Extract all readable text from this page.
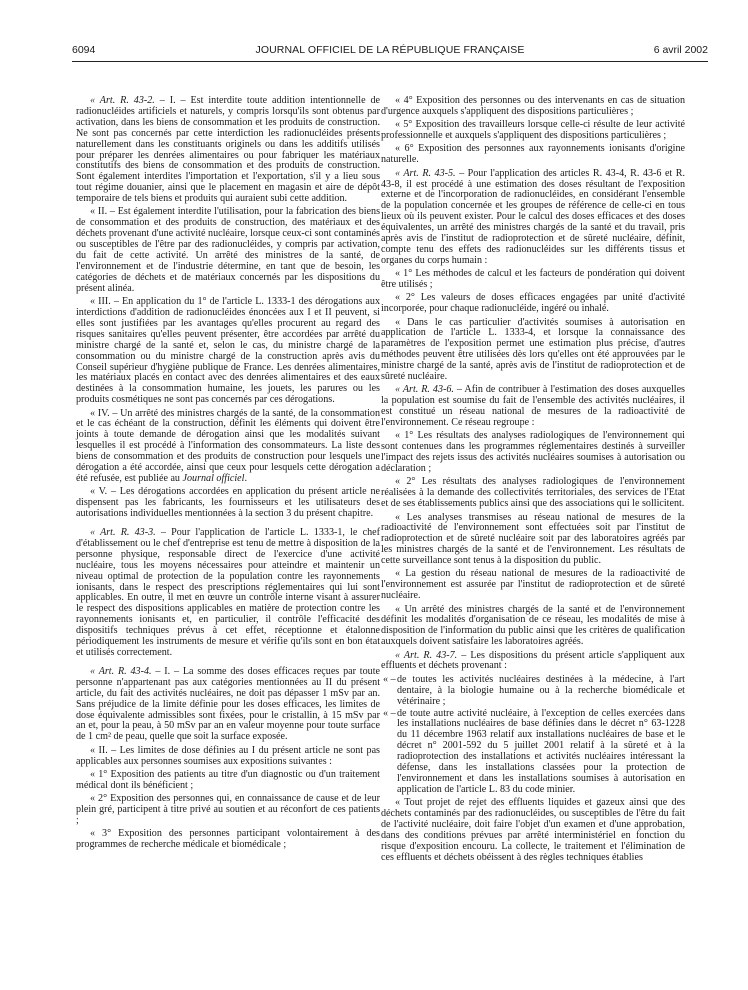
6094	JOURNAL OFFICIEL DE LA RÉPUBLIQUE FRANÇAISE	6 avril 2002

« Art. R. 43-2. – I. – Est interdite toute addition intentionnelle de radionucléides artificiels et naturels, y compris lorsqu'ils sont obtenus par activation, dans les biens de consommation et les produits de construction. Ne sont pas concernés par cette interdiction les radionucléides présents naturellement dans les constituants originels ou dans les additifs utilisés pour préparer les denrées alimentaires ou pour fabriquer les matériaux constitutifs des biens de consommation et des produits de construction. Sont également interdites l'importation et l'exportation, s'il y a lieu sous tout régime douanier, ainsi que le placement en magasin et aire de dépôt temporaire de tels biens et produits qui auraient subi cette addition.

« II. – Est également interdite l'utilisation, pour la fabrication des biens de consommation et des produits de construction, des matériaux et des déchets provenant d'une activité nucléaire, lorsque ceux-ci sont contaminés ou susceptibles de l'être par des radionucléides, y compris par activation, du fait de cette activité. Un arrêté des ministres de la santé, de l'environnement et de l'industrie détermine, en tant que de besoin, les catégories de déchets et de matériaux concernés par les dispositions du présent alinéa.

« III. – En application du 1° de l'article L. 1333-1 des dérogations aux interdictions d'addition de radionucléides énoncées aux I et II peuvent, si elles sont justifiées par les avantages qu'elles procurent au regard des risques sanitaires qu'elles peuvent présenter, être accordées par arrêté du ministre chargé de la santé et, selon le cas, du ministre chargé de la consommation ou du ministre chargé de la construction après avis du Conseil supérieur d'hygiène publique de France. Les denrées alimentaires, les matériaux placés en contact avec des denrées alimentaires et des eaux destinées à la consommation humaine, les jouets, les parures ou les produits cosmétiques ne sont pas concernés par ces dérogations.

« IV. – Un arrêté des ministres chargés de la santé, de la consommation et le cas échéant de la construction, définit les éléments qui doivent être joints à toute demande de dérogation ainsi que les modalités suivant lesquelles il est procédé à l'information des consommateurs. La liste des biens de consommation et des produits de construction pour lesquels une dérogation a été accordée, ainsi que ceux pour lesquels cette dérogation a été refusée, est publiée au Journal officiel.

« V. – Les dérogations accordées en application du présent article ne dispensent pas les fabricants, les fournisseurs et les utilisateurs des autorisations individuelles mentionnées à la section 3 du présent chapitre.

« Art. R. 43-3. – Pour l'application de l'article L. 1333-1, le chef d'établissement ou le chef d'entreprise est tenu de mettre à disposition de la personne physique, responsable direct de l'exercice d'une activité nucléaire, tous les moyens nécessaires pour atteindre et maintenir un niveau optimal de protection de la population contre les rayonnements ionisants, dans le respect des prescriptions réglementaires qui lui sont applicables. En outre, il met en œuvre un contrôle interne visant à assurer le respect des dispositions applicables en matière de protection contre les rayonnements ionisants et, en particulier, il contrôle l'efficacité des dispositifs techniques prévus à cet effet, réceptionne et étalonne périodiquement les instruments de mesure et vérifie qu'ils sont en bon état et utilisés correctement.

« Art. R. 43-4. – I. – La somme des doses efficaces reçues par toute personne n'appartenant pas aux catégories mentionnées au II du présent article, du fait des activités nucléaires, ne doit pas dépasser 1 mSv par an. Sans préjudice de la limite définie pour les doses efficaces, les limites de dose équivalente admissibles sont fixées, pour le cristallin, à 15 mSv par an et, pour la peau, à 50 mSv par an en valeur moyenne pour toute surface de 1 cm² de peau, quelle que soit la surface exposée.

« II. – Les limites de dose définies au I du présent article ne sont pas applicables aux personnes soumises aux expositions suivantes :

« 1° Exposition des patients au titre d'un diagnostic ou d'un traitement médical dont ils bénéficient ;

« 2° Exposition des personnes qui, en connaissance de cause et de leur plein gré, participent à titre privé au soutien et au réconfort de ces patients ;

« 3° Exposition des personnes participant volontairement à des programmes de recherche médicale et biomédicale ;

« 4° Exposition des personnes ou des intervenants en cas de situation d'urgence auxquels s'appliquent des dispositions particulières ;

« 5° Exposition des travailleurs lorsque celle-ci résulte de leur activité professionnelle et auxquels s'appliquent des dispositions particulières ;

« 6° Exposition des personnes aux rayonnements ionisants d'origine naturelle.

« Art. R. 43-5. – Pour l'application des articles R. 43-4, R. 43-6 et R. 43-8, il est procédé à une estimation des doses résultant de l'exposition externe et de l'incorporation de radionucléides, en considérant l'ensemble de la population concernée et les groupes de référence de celle-ci en tous lieux où ils peuvent exister. Pour le calcul des doses efficaces et des doses équivalentes, un arrêté des ministres chargés de la santé et du travail, pris après avis de l'institut de radioprotection et de sûreté nucléaire, définit, compte tenu des effets des radionucléides sur les différents tissus et organes du corps humain :

« 1° Les méthodes de calcul et les facteurs de pondération qui doivent être utilisés ;

« 2° Les valeurs de doses efficaces engagées par unité d'activité incorporée, pour chaque radionucléide, ingéré ou inhalé.

« Dans le cas particulier d'activités soumises à autorisation en application de l'article L. 1333-4, et lorsque la connaissance des paramètres de l'exposition permet une estimation plus précise, d'autres méthodes peuvent être utilisées dès lors qu'elles ont été approuvées par le ministre chargé de la santé, après avis de l'institut de radioprotection et de sûreté nucléaire.

« Art. R. 43-6. – Afin de contribuer à l'estimation des doses auxquelles la population est soumise du fait de l'ensemble des activités nucléaires, il est constitué un réseau national de mesures de la radioactivité de l'environnement. Ce réseau regroupe :

« 1° Les résultats des analyses radiologiques de l'environnement qui sont contenues dans les programmes réglementaires destinés à surveiller l'impact des rejets issus des activités nucléaires soumises à autorisation ou déclaration ;

« 2° Les résultats des analyses radiologiques de l'environnement réalisées à la demande des collectivités territoriales, des services de l'Etat et de ses établissements publics ainsi que des associations qui le sollicitent.

« Les analyses transmises au réseau national de mesures de la radioactivité de l'environnement sont effectuées soit par l'institut de radioprotection et de sûreté nucléaire soit par des laboratoires agréés par les ministres chargés de la santé et de l'environnement. Les résultats de cette surveillance sont tenus à la disposition du public.

« La gestion du réseau national de mesures de la radioactivité de l'environnement est assurée par l'institut de radioprotection et de sûreté nucléaire.

« Un arrêté des ministres chargés de la santé et de l'environnement définit les modalités d'organisation de ce réseau, les modalités de mise à disposition de l'information du public ainsi que les critères de qualification auxquels doivent satisfaire les laboratoires agréés.

« Art. R. 43-7. – Les dispositions du présent article s'appliquent aux effluents et déchets provenant :

« – de toutes les activités nucléaires destinées à la médecine, à l'art dentaire, à la biologie humaine ou à la recherche biomédicale et vétérinaire ;
« – de toute autre activité nucléaire, à l'exception de celles exercées dans les installations nucléaires de base définies dans le décret n° 63-1228 du 11 décembre 1963 relatif aux installations nucléaires de base et le décret n° 2001-592 du 5 juillet 2001 relatif à la sûreté et à la radioprotection des installations et activités nucléaires intéressant la défense, dans les installations classées pour la protection de l'environnement et dans les installations soumises à autorisation en application de l'article L. 83 du code minier.

« Tout projet de rejet des effluents liquides et gazeux ainsi que des déchets contaminés par des radionucléides, ou susceptibles de l'être du fait de l'activité nucléaire, doit faire l'objet d'un examen et d'une approbation, dans des conditions prévues par arrêté interministériel en fonction du risque d'exposition encouru. La collecte, le traitement et l'élimination de ces effluents et déchets obéissent à des règles techniques établies
